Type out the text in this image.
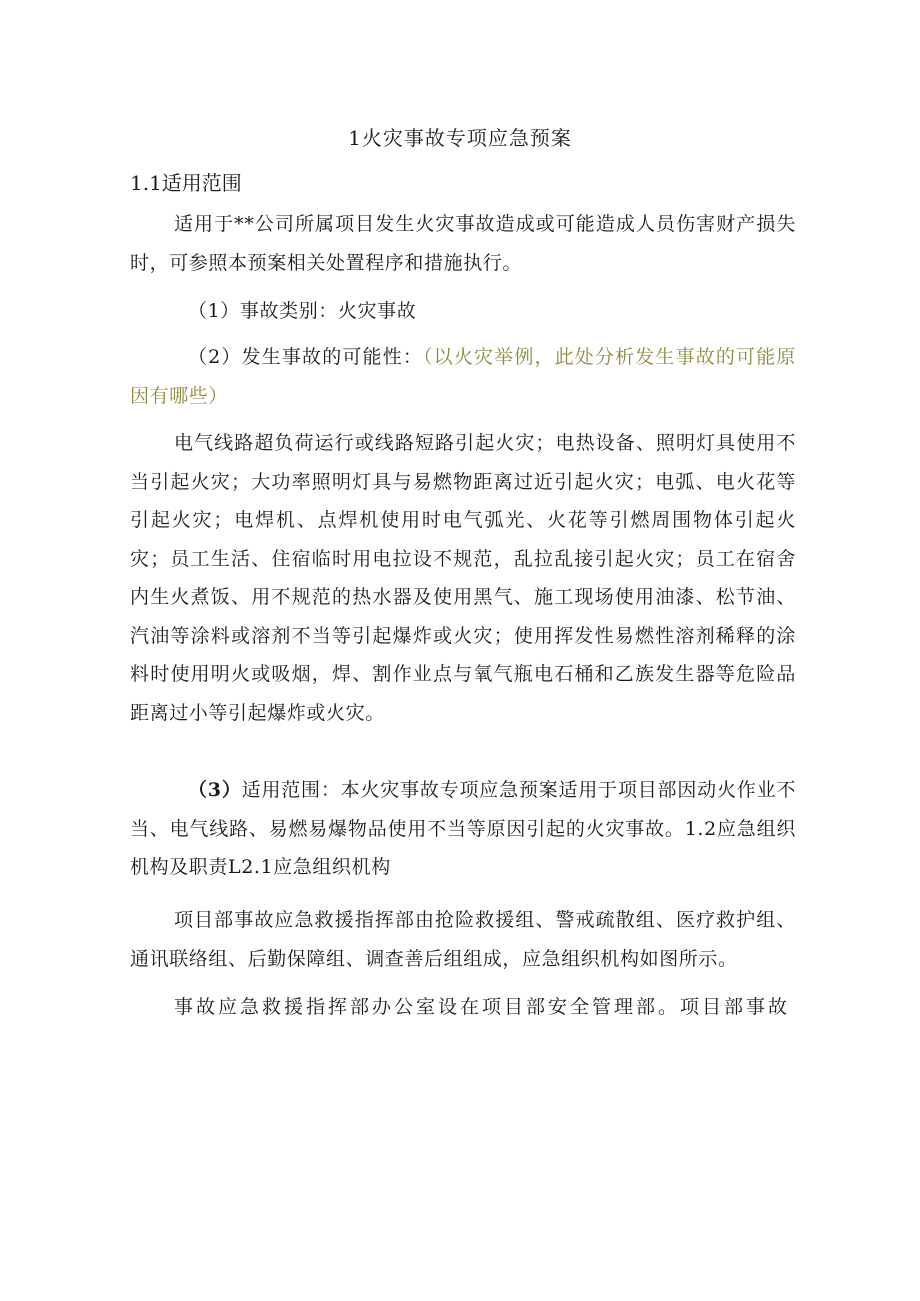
1火灾事故专项应急预案
1.1适用范围

适用于**公司所属项目发生火灾事故造成或可能造成人员伤害财产损失时，可参照本预案相关处置程序和措施执行。

（1）事故类别：火灾事故

（2）发生事故的可能性：（以火灾举例，此处分析发生事故的可能原因有哪些）

电气线路超负荷运行或线路短路引起火灾；电热设备、照明灯具使用不当引起火灾；大功率照明灯具与易燃物距离过近引起火灾；电弧、电火花等引起火灾；电焊机、点焊机使用时电气弧光、火花等引燃周围物体引起火灾；员工生活、住宿临时用电拉设不规范，乱拉乱接引起火灾；员工在宿舍内生火煮饭、用不规范的热水器及使用黑气、施工现场使用油漆、松节油、汽油等涂料或溶剂不当等引起爆炸或火灾；使用挥发性易燃性溶剂稀释的涂料时使用明火或吸烟，焊、割作业点与氧气瓶电石桶和乙族发生器等危险品距离过小等引起爆炸或火灾。

（3）适用范围：本火灾事故专项应急预案适用于项目部因动火作业不当、电气线路、易燃易爆物品使用不当等原因引起的火灾事故。1.2应急组织机构及职责L2.1应急组织机构

项目部事故应急救援指挥部由抢险救援组、警戒疏散组、医疗救护组、通讯联络组、后勤保障组、调查善后组组成，应急组织机构如图所示。

事故应急救援指挥部办公室设在项目部安全管理部。项目部事故
